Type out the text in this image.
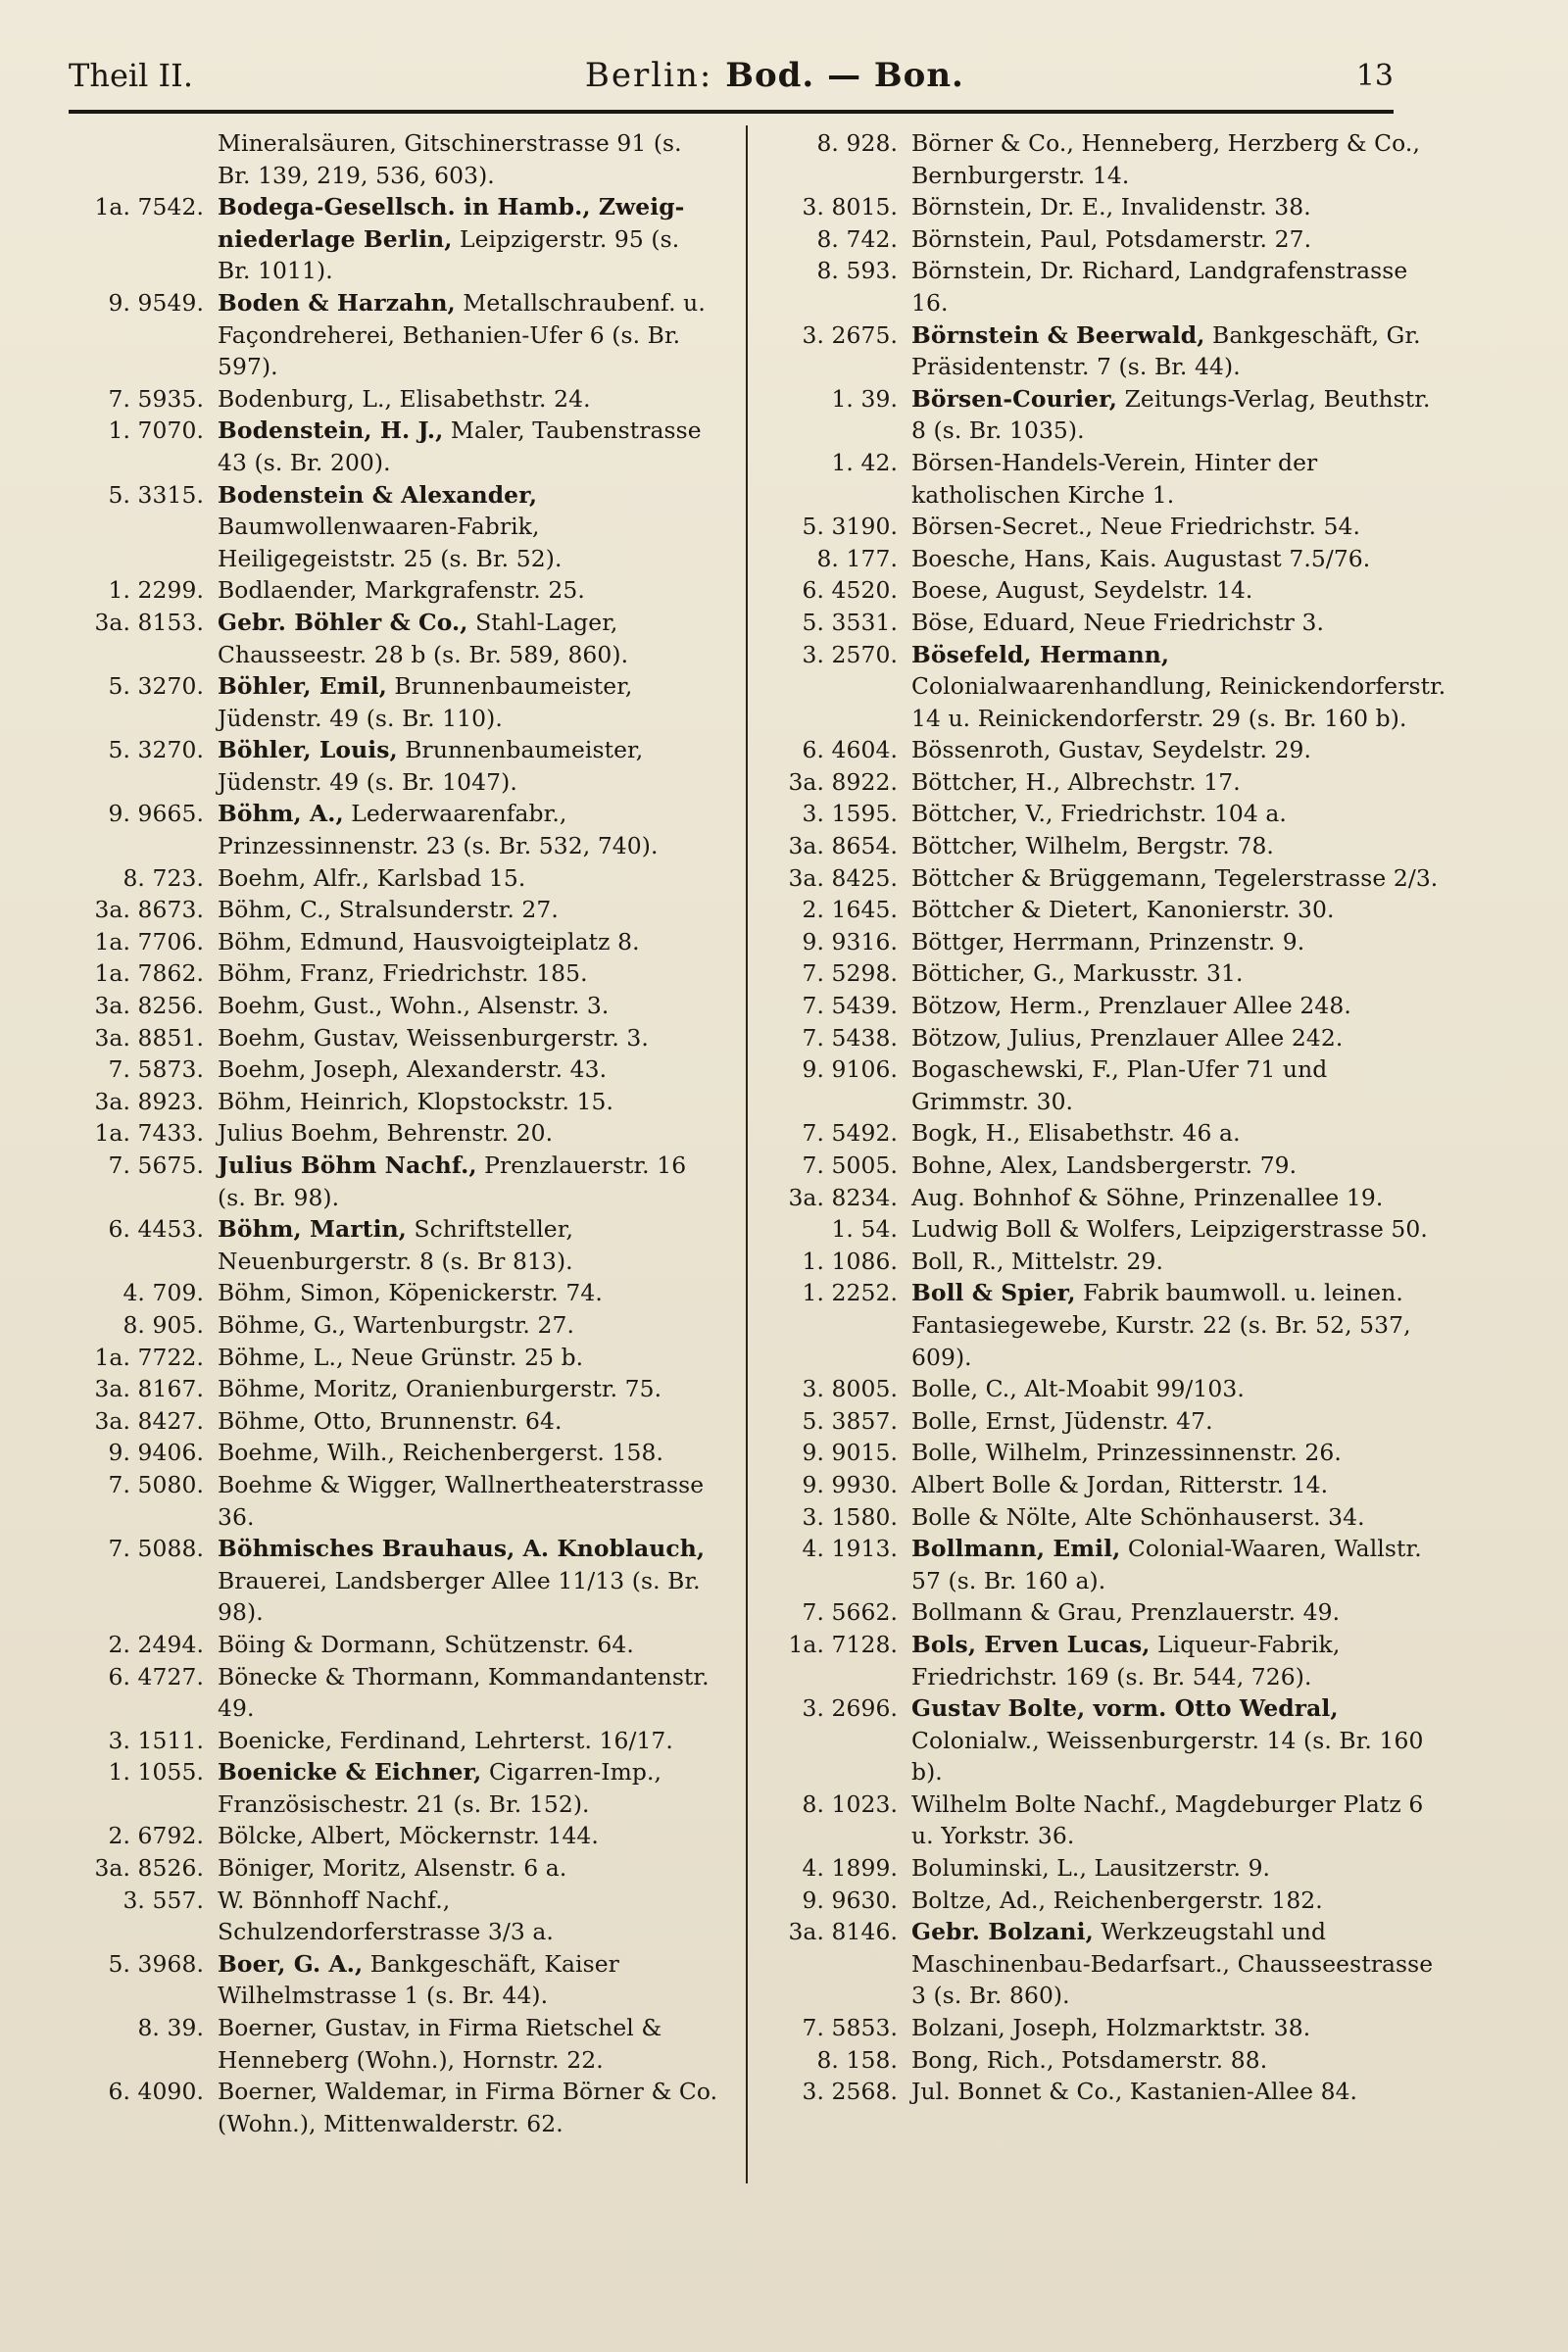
Theil II.	Berlin: Bod. — Bon.	13
Mineralsäuren, Gitschinerstrasse 91 (s. Br. 139, 219, 536, 603).
1a. 7542. Bodega-Gesellsch. in Hamb., Zweig-niederlage Berlin, Leipzigerstr. 95 (s. Br. 1011).
9. 9549. Boden & Harzahn, Metallschraubenf. u. Façondreherei, Bethanien-Ufer 6 (s. Br. 597).
7. 5935. Bodenburg, L., Elisabethstr. 24.
1. 7070. Bodenstein, H. J., Maler, Taubenstrasse 43 (s. Br. 200).
5. 3315. Bodenstein & Alexander, Baumwollenwaaren-Fabrik, Heiligegeiststr. 25 (s. Br. 52).
1. 2299. Bodlaender, Markgrafenstr. 25.
3a. 8153. Gebr. Böhler & Co., Stahl-Lager, Chausseestr. 28 b (s. Br. 589, 860).
5. 3270. Böhler, Emil, Brunnenbaumeister, Jüdenstr. 49 (s. Br. 110).
5. 3270. Böhler, Louis, Brunnenbaumeister, Jüdenstr. 49 (s. Br. 1047).
9. 9665. Böhm, A., Lederwaarenfabr., Prinzessinnenstr. 23 (s. Br. 532, 740).
8. 723. Boehm, Alfr., Karlsbad 15.
3a. 8673. Böhm, C., Stralsunderstr. 27.
1a. 7706. Böhm, Edmund, Hausvoigteiplatz 8.
1a. 7862. Böhm, Franz, Friedrichstr. 185.
3a. 8256. Boehm, Gust., Wohn., Alsenstr. 3.
3a. 8851. Boehm, Gustav, Weissenburgerstr. 3.
7. 5873. Boehm, Joseph, Alexanderstr. 43.
3a. 8923. Böhm, Heinrich, Klopstockstr. 15.
1a. 7433. Julius Boehm, Behrenstr. 20.
7. 5675. Julius Böhm Nachf., Prenzlauerstr. 16 (s. Br. 98).
6. 4453. Böhm, Martin, Schriftsteller, Neuenburgerstr. 8 (s. Br 813).
4. 709. Böhm, Simon, Köpenickerstr. 74.
8. 905. Böhme, G., Wartenburgstr. 27.
1a. 7722. Böhme, L., Neue Grünstr. 25 b.
3a. 8167. Böhme, Moritz, Oranienburgerstr. 75.
3a. 8427. Böhme, Otto, Brunnenstr. 64.
9. 9406. Boehme, Wilh., Reichenbergerst. 158.
7. 5080. Boehme & Wigger, Wallnertheaterstrasse 36.
7. 5088. Böhmisches Brauhaus, A. Knoblauch, Brauerei, Landsberger Allee 11/13 (s. Br. 98).
2. 2494. Böing & Dormann, Schützenstr. 64.
6. 4727. Bönecke & Thormann, Kommandantenstr. 49.
3. 1511. Boenicke, Ferdinand, Lehrterst. 16/17.
1. 1055. Boenicke & Eichner, Cigarren-Imp., Französischestr. 21 (s. Br. 152).
2. 6792. Bölcke, Albert, Möckernstr. 144.
3a. 8526. Böniger, Moritz, Alsenstr. 6 a.
3. 557. W. Bönnhoff Nachf., Schulzendorferstrasse 3/3 a.
5. 3968. Boer, G. A., Bankgeschäft, Kaiser Wilhelmstrasse 1 (s. Br. 44).
8. 39. Boerner, Gustav, in Firma Rietschel & Henneberg (Wohn.), Hornstr. 22.
6. 4090. Boerner, Waldemar, in Firma Börner & Co. (Wohn.), Mittenwalderstr. 62.
8. 928. Börner & Co., Henneberg, Herzberg & Co., Bernburgerstr. 14.
3. 8015. Börnstein, Dr. E., Invalidenstr. 38.
8. 742. Börnstein, Paul, Potsdamerstr. 27.
8. 593. Börnstein, Dr. Richard, Landgrafenstrasse 16.
3. 2675. Börnstein & Beerwald, Bankgeschäft, Gr. Präsidentenstr. 7 (s. Br. 44).
1. 39. Börsen-Courier, Zeitungs-Verlag, Beuthstr. 8 (s. Br. 1035).
1. 42. Börsen-Handels-Verein, Hinter der katholischen Kirche 1.
5. 3190. Börsen-Secret., Neue Friedrichstr. 54.
8. 177. Boesche, Hans, Kais. Augustast 7.5/76.
6. 4520. Boese, August, Seydelstr. 14.
5. 3531. Böse, Eduard, Neue Friedrichstr 3.
3. 2570. Bösefeld, Hermann, Colonialwaarenhandlung, Reinickendorferstr. 14 u. Reinickendorferstr. 29 (s. Br. 160 b).
6. 4604. Bössenroth, Gustav, Seydelstr. 29.
3a. 8922. Böttcher, H., Albrechstr. 17.
3. 1595. Böttcher, V., Friedrichstr. 104 a.
3a. 8654. Böttcher, Wilhelm, Bergstr. 78.
3a. 8425. Böttcher & Brüggemann, Tegelerstrasse 2/3.
2. 1645. Böttcher & Dietert, Kanonierstr. 30.
9. 9316. Böttger, Herrmann, Prinzenstr. 9.
7. 5298. Bötticher, G., Markusstr. 31.
7. 5439. Bötzow, Herm., Prenzlauer Allee 248.
7. 5438. Bötzow, Julius, Prenzlauer Allee 242.
9. 9106. Bogaschewski, F., Plan-Ufer 71 und Grimmstr. 30.
7. 5492. Bogk, H., Elisabethstr. 46 a.
7. 5005. Bohne, Alex, Landsbergerstr. 79.
3a. 8234. Aug. Bohnhof & Söhne, Prinzenallee 19.
1. 54. Ludwig Boll & Wolfers, Leipzigerstrasse 50.
1. 1086. Boll, R., Mittelstr. 29.
1. 2252. Boll & Spier, Fabrik baumwoll. u. leinen. Fantasiegewebe, Kurstr. 22 (s. Br. 52, 537, 609).
3. 8005. Bolle, C., Alt-Moabit 99/103.
5. 3857. Bolle, Ernst, Jüdenstr. 47.
9. 9015. Bolle, Wilhelm, Prinzessinnenstr. 26.
9. 9930. Albert Bolle & Jordan, Ritterstr. 14.
3. 1580. Bolle & Nölte, Alte Schönhauserst. 34.
4. 1913. Bollmann, Emil, Colonial-Waaren, Wallstr. 57 (s. Br. 160 a).
7. 5662. Bollmann & Grau, Prenzlauerstr. 49.
1a. 7128. Bols, Erven Lucas, Liqueur-Fabrik, Friedrichstr. 169 (s. Br. 544, 726).
3. 2696. Gustav Bolte, vorm. Otto Wedral, Colonialw., Weissenburgerstr. 14 (s. Br. 160 b).
8. 1023. Wilhelm Bolte Nachf., Magdeburger Platz 6 u. Yorkstr. 36.
4. 1899. Boluminski, L., Lausitzerstr. 9.
9. 9630. Boltze, Ad., Reichenbergerstr. 182.
3a. 8146. Gebr. Bolzani, Werkzeugstahl und Maschinenbau-Bedarfsart., Chausseestrasse 3 (s. Br. 860).
7. 5853. Bolzani, Joseph, Holzmarktstr. 38.
8. 158. Bong, Rich., Potsdamerstr. 88.
3. 2568. Jul. Bonnet & Co., Kastanien-Allee 84.
